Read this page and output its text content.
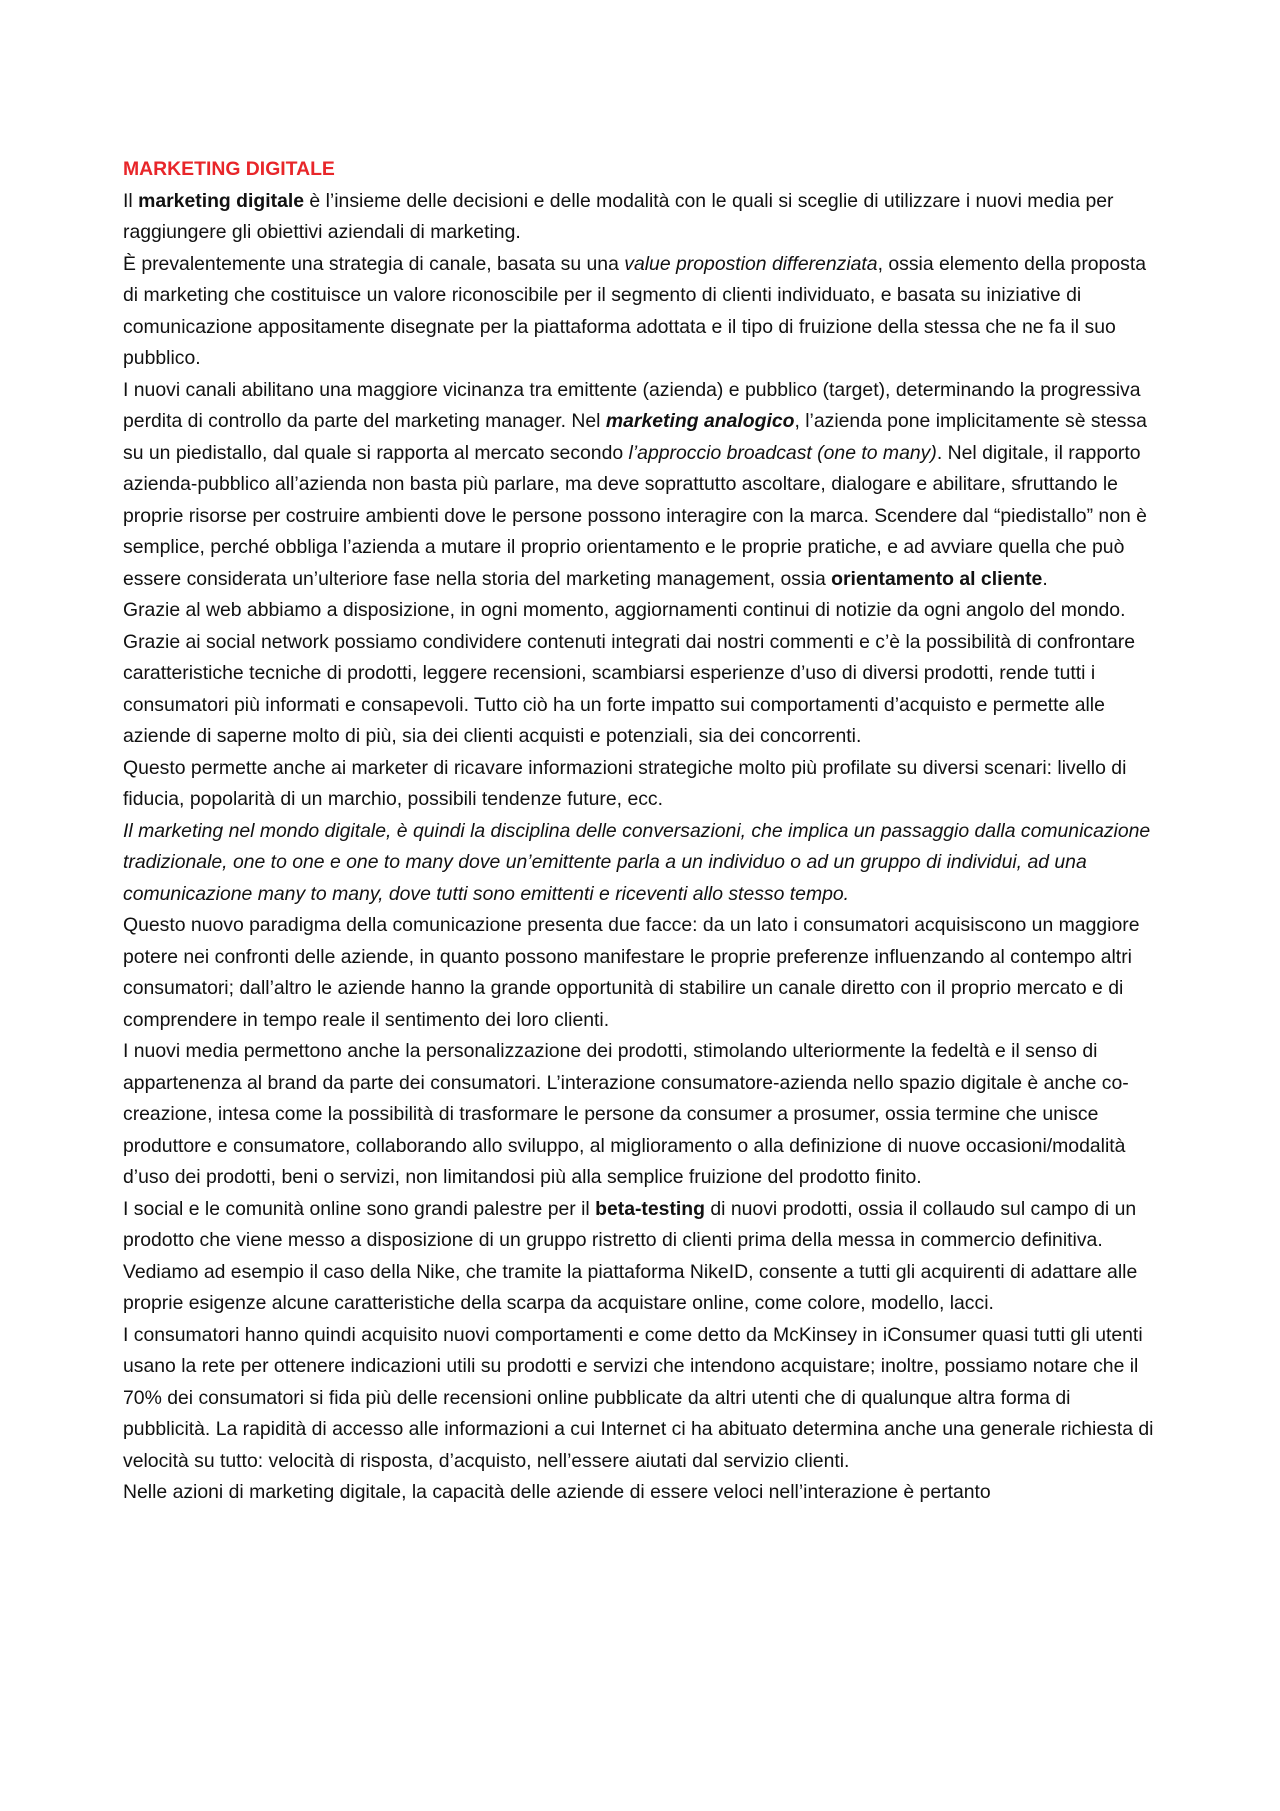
MARKETING DIGITALE

Il marketing digitale è l’insieme delle decisioni e delle modalità con le quali si sceglie di utilizzare i nuovi media per raggiungere gli obiettivi aziendali di marketing.

È prevalentemente una strategia di canale, basata su una value propostion differenziata, ossia elemento della proposta di marketing che costituisce un valore riconoscibile per il segmento di clienti individuato, e basata su iniziative di comunicazione appositamente disegnate per la piattaforma adottata e il tipo di fruizione della stessa che ne fa il suo pubblico.

I nuovi canali abilitano una maggiore vicinanza tra emittente (azienda) e pubblico (target), determinando la progressiva perdita di controllo da parte del marketing manager. Nel marketing analogico, l’azienda pone implicitamente sè stessa su un piedistallo, dal quale si rapporta al mercato secondo l’approccio broadcast (one to many). Nel digitale, il rapporto azienda-pubblico all’azienda non basta più parlare, ma deve soprattutto ascoltare, dialogare e abilitare, sfruttando le proprie risorse per costruire ambienti dove le persone possono interagire con la marca. Scendere dal “piedistallo” non è semplice, perché obbliga l’azienda a mutare il proprio orientamento e le proprie pratiche, e ad avviare quella che può essere considerata un’ulteriore fase nella storia del marketing management, ossia orientamento al cliente.

Grazie al web abbiamo a disposizione, in ogni momento, aggiornamenti continui di notizie da ogni angolo del mondo. Grazie ai social network possiamo condividere contenuti integrati dai nostri commenti e c’è la possibilità di confrontare caratteristiche tecniche di prodotti, leggere recensioni, scambiarsi esperienze d’uso di diversi prodotti, rende tutti i consumatori più informati e consapevoli. Tutto ciò ha un forte impatto sui comportamenti d’acquisto e permette alle aziende di saperne molto di più, sia dei clienti acquisti e potenziali, sia dei concorrenti.

Questo permette anche ai marketer di ricavare informazioni strategiche molto più profilate su diversi scenari: livello di fiducia, popolarità di un marchio, possibili tendenze future, ecc.

Il marketing nel mondo digitale, è quindi la disciplina delle conversazioni, che implica un passaggio dalla comunicazione tradizionale, one to one e one to many dove un’emittente parla a un individuo o ad un gruppo di individui, ad una comunicazione many to many, dove tutti sono emittenti e riceventi allo stesso tempo.

Questo nuovo paradigma della comunicazione presenta due facce: da un lato i consumatori acquisiscono un maggiore potere nei confronti delle aziende, in quanto possono manifestare le proprie preferenze influenzando al contempo altri consumatori; dall’altro le aziende hanno la grande opportunità di stabilire un canale diretto con il proprio mercato e di comprendere in tempo reale il sentimento dei loro clienti.

I nuovi media permettono anche la personalizzazione dei prodotti, stimolando ulteriormente la fedeltà e il senso di appartenenza al brand da parte dei consumatori. L’interazione consumatore-azienda nello spazio digitale è anche co-creazione, intesa come la possibilità di trasformare le persone da consumer a prosumer, ossia termine che unisce produttore e consumatore, collaborando allo sviluppo, al miglioramento o alla definizione di nuove occasioni/modalità d’uso dei prodotti, beni o servizi, non limitandosi più alla semplice fruizione del prodotto finito.

I social e le comunità online sono grandi palestre per il beta-testing di nuovi prodotti, ossia il collaudo sul campo di un prodotto che viene messo a disposizione di un gruppo ristretto di clienti prima della messa in commercio definitiva. Vediamo ad esempio il caso della Nike, che tramite la piattaforma NikeID, consente a tutti gli acquirenti di adattare alle proprie esigenze alcune caratteristiche della scarpa da acquistare online, come colore, modello, lacci.

I consumatori hanno quindi acquisito nuovi comportamenti e come detto da McKinsey in iConsumer quasi tutti gli utenti usano la rete per ottenere indicazioni utili su prodotti e servizi che intendono acquistare; inoltre, possiamo notare che il 70% dei consumatori si fida più delle recensioni online pubblicate da altri utenti che di qualunque altra forma di pubblicità. La rapidità di accesso alle informazioni a cui Internet ci ha abituato determina anche una generale richiesta di velocità su tutto: velocità di risposta, d’acquisto, nell’essere aiutati dal servizio clienti.

Nelle azioni di marketing digitale, la capacità delle aziende di essere veloci nell’interazione è pertanto
